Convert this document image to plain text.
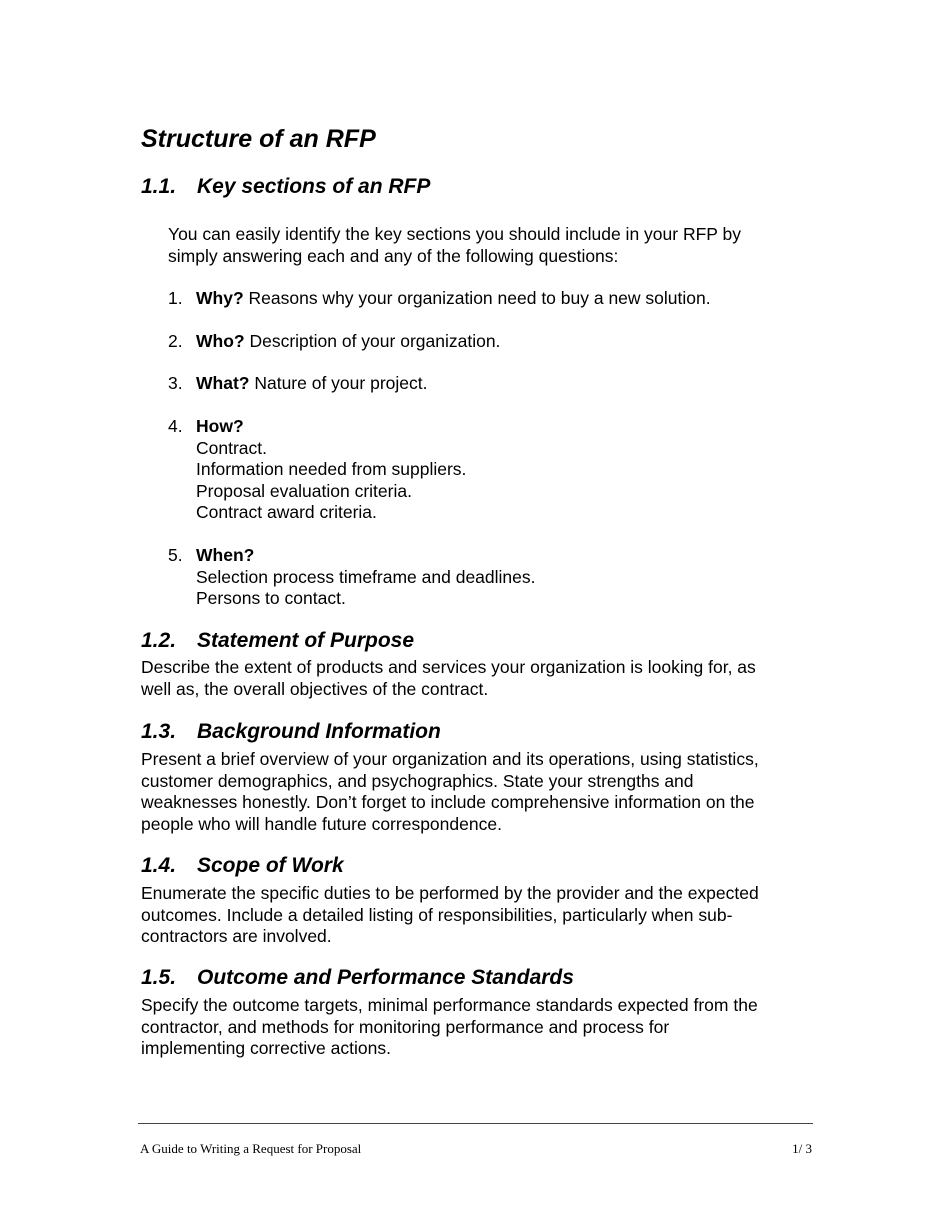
Structure of an RFP
1.1. Key sections of an RFP

You can easily identify the key sections you should include in your RFP by
simply answering each and any of the following questions:

1. Why? Reasons why your organization need to buy a new solution.
2. Who? Description of your organization.
3. What? Nature of your project.
4. How?
Contract.
Information needed from suppliers.
Proposal evaluation criteria.
Contract award criteria.
5. When?
Selection process timeframe and deadlines.
Persons to contact.
1.2. Statement of Purpose

Describe the extent of products and services your organization is looking for, as
well as, the overall objectives of the contract.

1.3. Background Information

Present a brief overview of your organization and its operations, using statistics,
customer demographics, and psychographics. State your strengths and
weaknesses honestly. Don’t forget to include comprehensive information on the
people who will handle future correspondence.

1.4. Scope of Work

Enumerate the specific duties to be performed by the provider and the expected
outcomes. Include a detailed listing of responsibilities, particularly when sub-
contractors are involved.

1.5. Outcome and Performance Standards

Specify the outcome targets, minimal performance standards expected from the
contractor, and methods for monitoring performance and process for
implementing corrective actions.

A Guide to Writing a Request for Proposal	1/ 3
